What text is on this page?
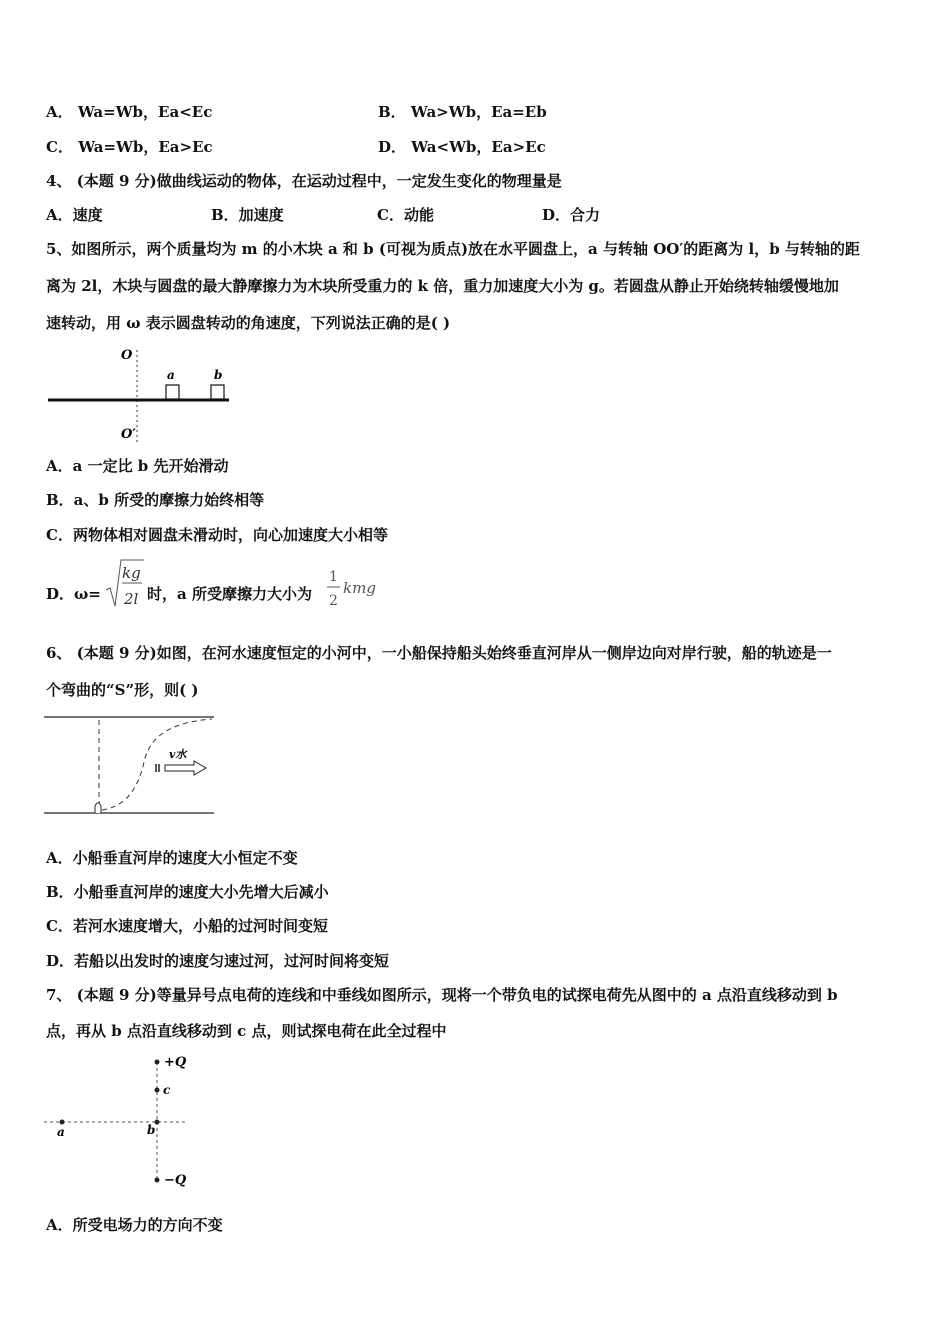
A． Wa=Wb，Ea<Ec	B． Wa>Wb，Ea=Eb
C． Wa=Wb，Ea>Ec	D． Wa<Wb，Ea>Ec
4、 (本题 9 分)做曲线运动的物体，在运动过程中，一定发生变化的物理量是
A．速度	B．加速度	C．动能	D．合力
5、如图所示，两个质量均为 m 的小木块 a 和 b (可视为质点)放在水平圆盘上，a 与转轴 OO′的距离为 l，b 与转轴的距
离为 2l，木块与圆盘的最大静摩擦力为木块所受重力的 k 倍，重力加速度大小为 g。若圆盘从静止开始绕转轴缓慢地加
速转动，用 ω 表示圆盘转动的角速度，下列说法正确的是( )
O
O′
a	b
A．a 一定比 b 先开始滑动
B．a、b 所受的摩擦力始终相等
C．两物体相对圆盘未滑动时，向心加速度大小相等
D．ω=
kg
2l 时，a 所受摩擦力大小为
1
2
kmg
6、 (本题 9 分)如图，在河水速度恒定的小河中，一小船保持船头始终垂直河岸从一侧岸边向对岸行驶，船的轨迹是一
个弯曲的“S”形，则( )
v水
A．小船垂直河岸的速度大小恒定不变
B．小船垂直河岸的速度大小先增大后减小
C．若河水速度增大，小船的过河时间变短
D．若船以出发时的速度匀速过河，过河时间将变短
7、 (本题 9 分)等量异号点电荷的连线和中垂线如图所示，现将一个带负电的试探电荷先从图中的 a 点沿直线移动到 b
点，再从 b 点沿直线移动到 c 点，则试探电荷在此全过程中
+Q
c
a	b
−Q
A．所受电场力的方向不变
